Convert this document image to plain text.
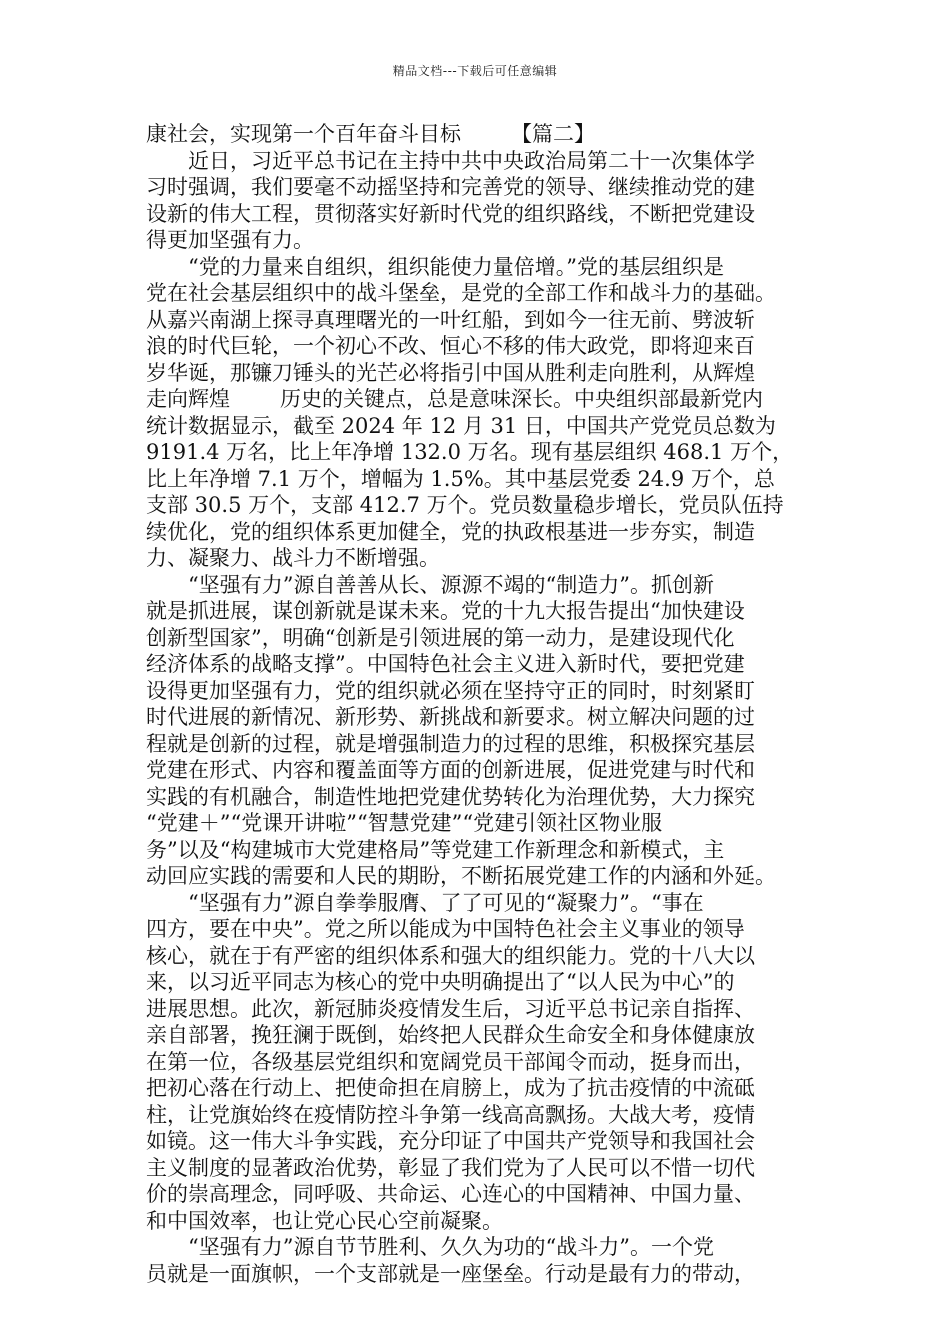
精品文档---下载后可任意编辑
康社会，实现第一个百年奋斗目标 【篇二】
近日，习近平总书记在主持中共中央政治局第二十一次集体学
习时强调，我们要毫不动摇坚持和完善党的领导、继续推动党的建
设新的伟大工程，贯彻落实好新时代党的组织路线，不断把党建设
得更加坚强有力。
“党的力量来自组织，组织能使力量倍增。”党的基层组织是
党在社会基层组织中的战斗堡垒，是党的全部工作和战斗力的基础。
从嘉兴南湖上探寻真理曙光的一叶红船，到如今一往无前、劈波斩
浪的时代巨轮，一个初心不改、恒心不移的伟大政党，即将迎来百
岁华诞，那镰刀锤头的光芒必将指引中国从胜利走向胜利，从辉煌
走向辉煌 历史的关键点，总是意味深长。中央组织部最新党内
统计数据显示，截至 2024 年 12 月 31 日，中国共产党党员总数为
9191.4 万名，比上年净增 132.0 万名。现有基层组织 468.1 万个，
比上年净增 7.1 万个，增幅为 1.5%。其中基层党委 24.9 万个，总
支部 30.5 万个，支部 412.7 万个。党员数量稳步增长，党员队伍持
续优化，党的组织体系更加健全，党的执政根基进一步夯实，制造
力、凝聚力、战斗力不断增强。
“坚强有力”源自善善从长、源源不竭的“制造力”。抓创新
就是抓进展，谋创新就是谋未来。党的十九大报告提出“加快建设
创新型国家”，明确“创新是引领进展的第一动力，是建设现代化
经济体系的战略支撑”。中国特色社会主义进入新时代，要把党建
设得更加坚强有力，党的组织就必须在坚持守正的同时，时刻紧盯
时代进展的新情况、新形势、新挑战和新要求。树立解决问题的过
程就是创新的过程，就是增强制造力的过程的思维，积极探究基层
党建在形式、内容和覆盖面等方面的创新进展，促进党建与时代和
实践的有机融合，制造性地把党建优势转化为治理优势，大力探究
“党建＋”“党课开讲啦”“智慧党建”“党建引领社区物业服
务”以及“构建城市大党建格局”等党建工作新理念和新模式，主
动回应实践的需要和人民的期盼，不断拓展党建工作的内涵和外延。
“坚强有力”源自拳拳服膺、了了可见的“凝聚力”。“事在
四方，要在中央”。党之所以能成为中国特色社会主义事业的领导
核心，就在于有严密的组织体系和强大的组织能力。党的十八大以
来，以习近平同志为核心的党中央明确提出了“以人民为中心”的
进展思想。此次，新冠肺炎疫情发生后，习近平总书记亲自指挥、
亲自部署，挽狂澜于既倒，始终把人民群众生命安全和身体健康放
在第一位，各级基层党组织和宽阔党员干部闻令而动，挺身而出，
把初心落在行动上、把使命担在肩膀上，成为了抗击疫情的中流砥
柱，让党旗始终在疫情防控斗争第一线高高飘扬。大战大考，疫情
如镜。这一伟大斗争实践，充分印证了中国共产党领导和我国社会
主义制度的显著政治优势，彰显了我们党为了人民可以不惜一切代
价的崇高理念，同呼吸、共命运、心连心的中国精神、中国力量、
和中国效率，也让党心民心空前凝聚。
“坚强有力”源自节节胜利、久久为功的“战斗力”。一个党
员就是一面旗帜，一个支部就是一座堡垒。行动是最有力的带动，
